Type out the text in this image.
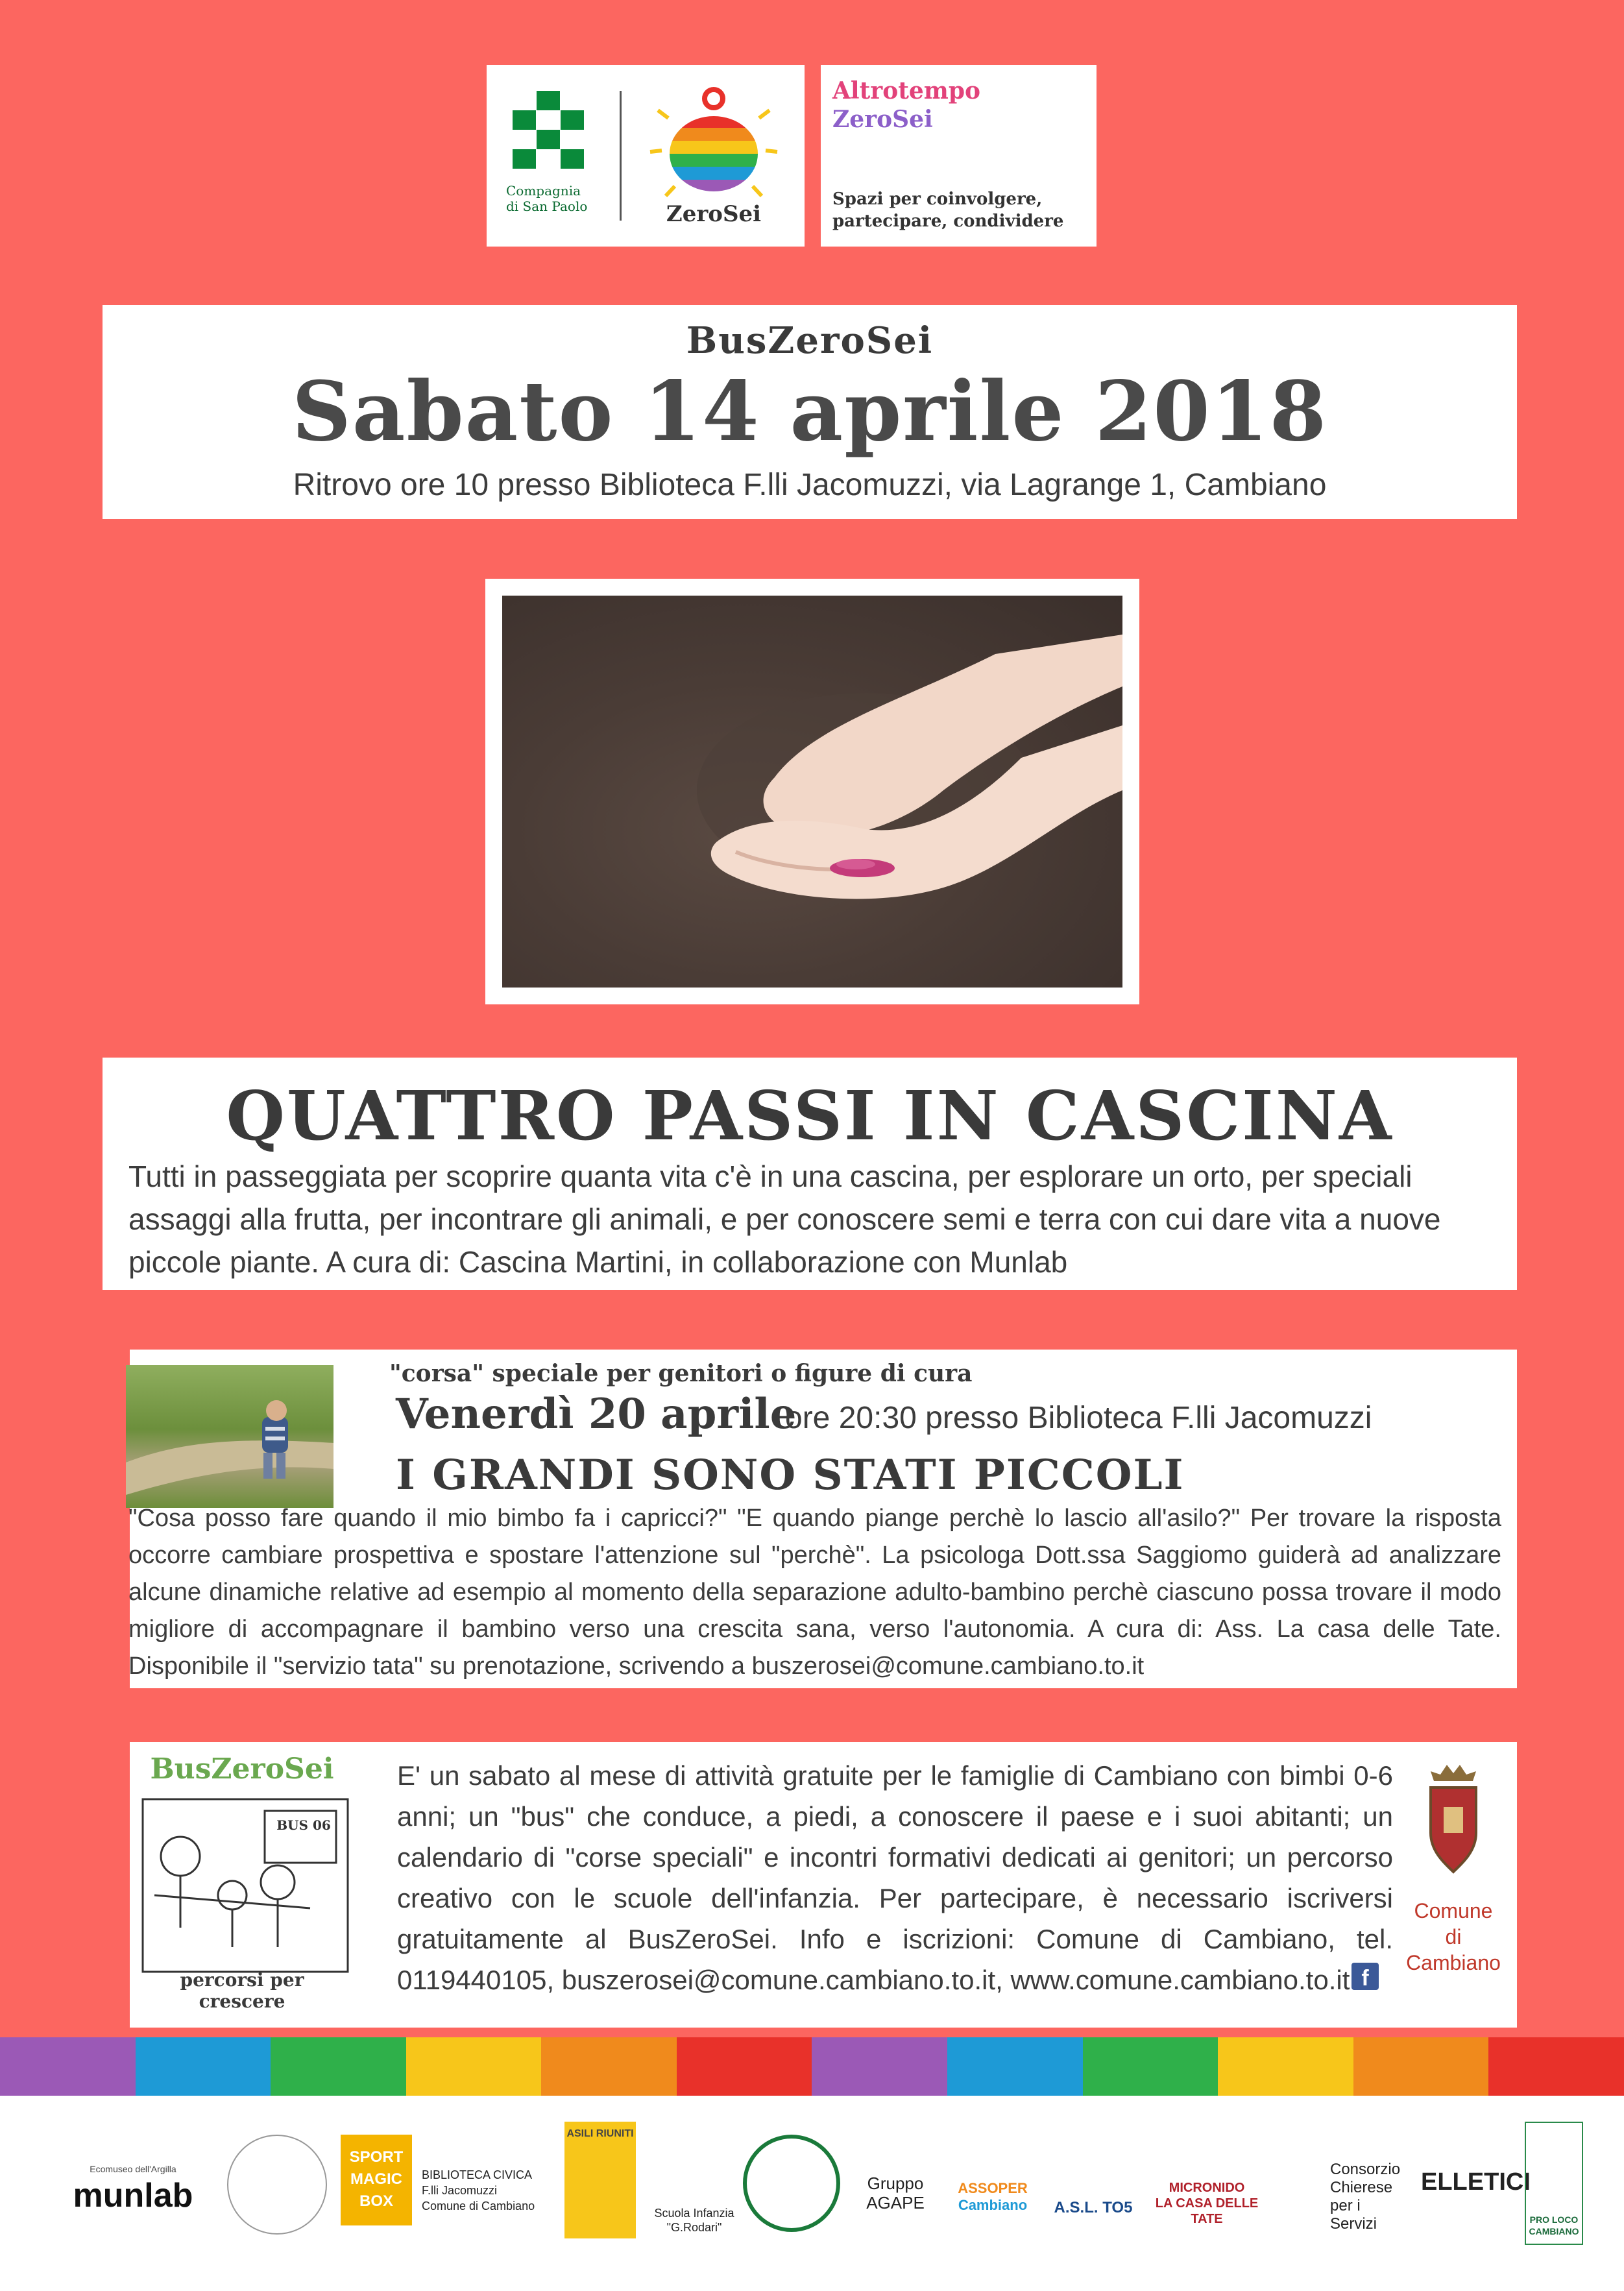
Compagnia
di San Paolo	ZeroSei
Altrotempo
ZeroSei
Spazi per coinvolgere,
partecipare, condividere
BusZeroSei
Sabato 14 aprile 2018
Ritrovo ore 10 presso Biblioteca F.lli Jacomuzzi, via Lagrange 1, Cambiano
QUATTRO PASSI IN CASCINA
Tutti in passeggiata per scoprire quanta vita c'è in una cascina, per esplorare un orto, per speciali assaggi alla frutta, per incontrare gli animali, e per conoscere semi e terra con cui dare vita a nuove piccole piante. A cura di: Cascina Martini, in collaborazione con Munlab
"corsa" speciale per genitori o figure di cura
Venerdì 20 aprile
ore 20:30 presso Biblioteca F.lli Jacomuzzi
I GRANDI SONO STATI PICCOLI
"Cosa posso fare quando il mio bimbo fa i capricci?" "E quando piange perchè lo lascio all'asilo?" Per trovare la risposta occorre cambiare prospettiva e spostare l'attenzione sul "perchè". La psicologa Dott.ssa Saggiomo guiderà ad analizzare alcune dinamiche relative ad esempio al momento della separazione adulto-bambino perchè ciascuno possa trovare il modo migliore di accompagnare il bambino verso una crescita sana, verso l'autonomia. A cura di: Ass. La casa delle Tate. Disponibile il "servizio tata" su prenotazione, scrivendo a buszerosei@comune.cambiano.to.it
BusZeroSei
BUS 06
percorsi per crescere
E' un sabato al mese di attività gratuite per le famiglie di Cambiano con bimbi 0-6 anni; un "bus" che conduce, a piedi, a conoscere il paese e i suoi abitanti; un calendario di "corse speciali" e incontri formativi dedicati ai genitori; un percorso creativo con le scuole dell'infanzia. Per partecipare, è necessario iscriversi gratuitamente al BusZeroSei. Info e iscrizioni: Comune di Cambiano, tel. 0119440105, buszerosei@comune.cambiano.to.it, www.comune.cambiano.to.it f
Comune
di
Cambiano
Ecomuseo dell'Argilla
munlab
SPORT
MAGIC
BOX
BIBLIOTECA CIVICA
F.lli Jacomuzzi
Comune di Cambiano
ASILI RIUNITI
Scuola Infanzia
"G.Rodari"
Gruppo
AGAPE
ASSOPER
Cambiano	A.S.L. TO5
MICRONIDO
LA CASA DELLE TATE
Consorzio
Chierese per i
Servizi
ELLETICI
PRO LOCO
CAMBIANO
